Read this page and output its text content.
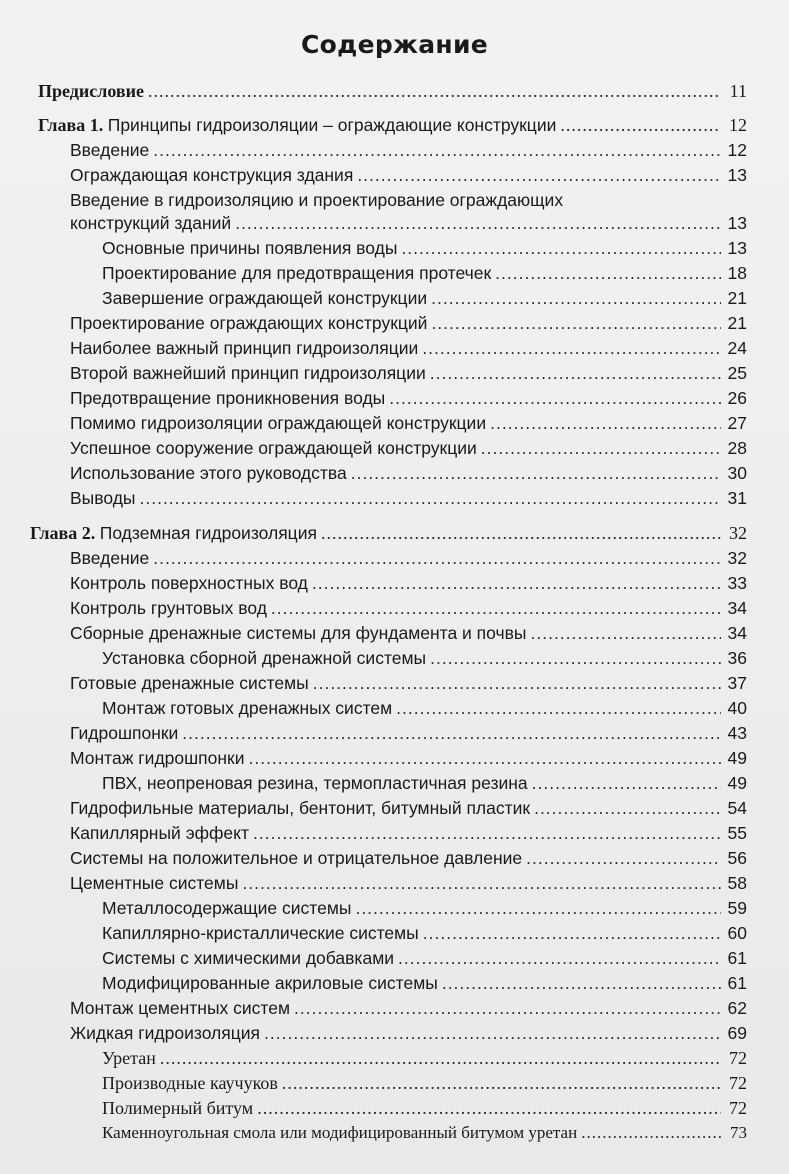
Содержание
Предисловие .....	11
Глава 1. Принципы гидроизоляции – ограждающие конструкции .....	12
Введение .....	12
Ограждающая конструкция здания .....	13
Введение в гидроизоляцию и проектирование ограждающих
конструкций зданий .....	13
Основные причины появления воды .....	13
Проектирование для предотвращения протечек .....	18
Завершение ограждающей конструкции .....	21
Проектирование ограждающих конструкций .....	21
Наиболее важный принцип гидроизоляции .....	24
Второй важнейший принцип гидроизоляции .....	25
Предотвращение проникновения воды .....	26
Помимо гидроизоляции ограждающей конструкции .....	27
Успешное сооружение ограждающей конструкции .....	28
Использование этого руководства .....	30
Выводы .....	31
Глава 2. Подземная гидроизоляция .....	32
Введение .....	32
Контроль поверхностных вод .....	33
Контроль грунтовых вод .....	34
Сборные дренажные системы для фундамента и почвы .....	34
Установка сборной дренажной системы .....	36
Готовые дренажные системы .....	37
Монтаж готовых дренажных систем .....	40
Гидрошпонки .....	43
Монтаж гидрошпонки .....	49
ПВХ, неопреновая резина, термопластичная резина .....	49
Гидрофильные материалы, бентонит, битумный пластик .....	54
Капиллярный эффект .....	55
Системы на положительное и отрицательное давление .....	56
Цементные системы .....	58
Металлосодержащие системы .....	59
Капиллярно-кристаллические системы .....	60
Системы с химическими добавками .....	61
Модифицированные акриловые системы .....	61
Монтаж цементных систем .....	62
Жидкая гидроизоляция .....	69
Уретан .....	72
Производные каучуков .....	72
Полимерный битум .....	72
Каменноугольная смола или модифицированный битумом уретан .....	73
